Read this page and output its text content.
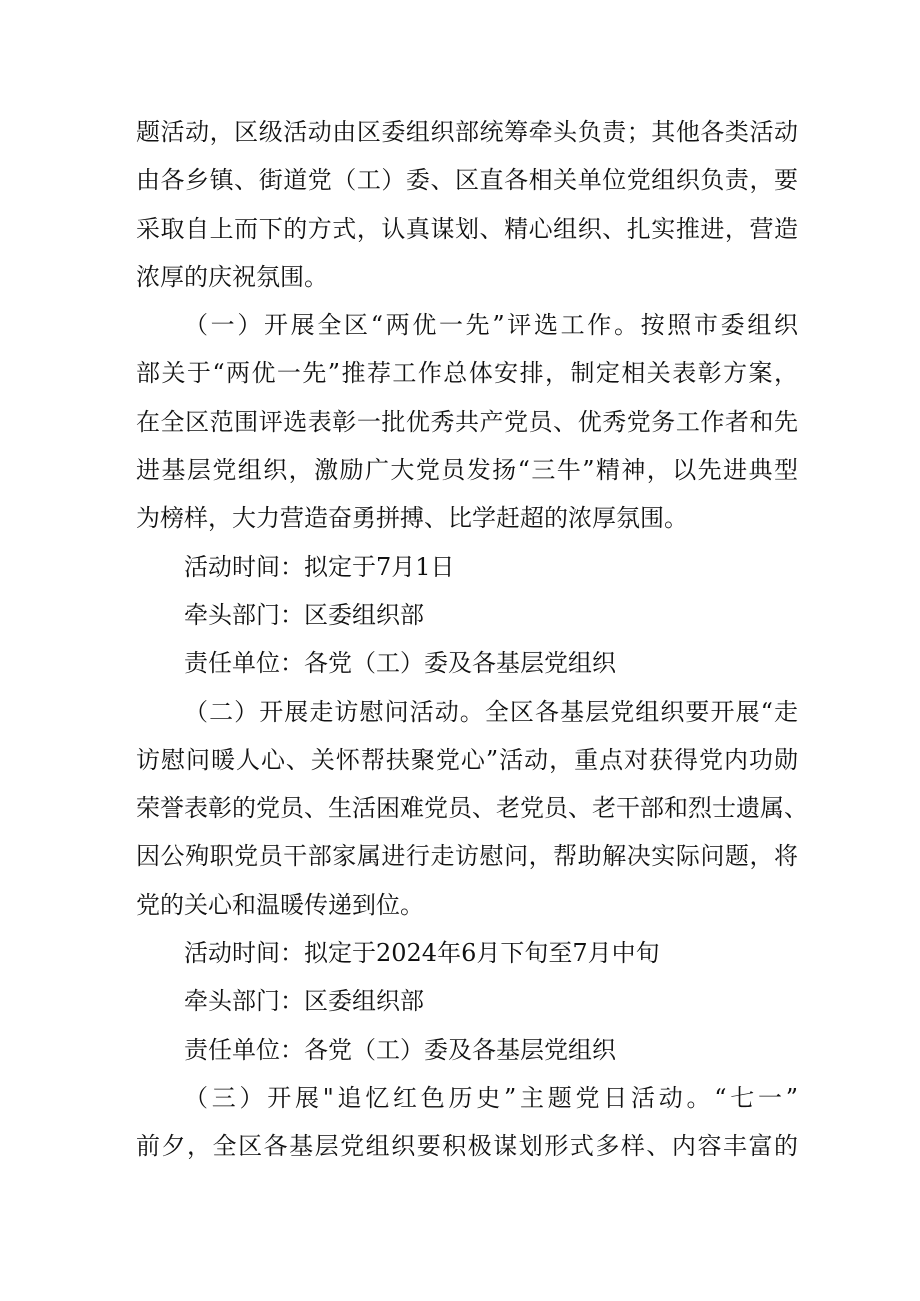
题活动，区级活动由区委组织部统筹牵头负责；其他各类活动
由各乡镇、街道党（工）委、区直各相关单位党组织负责，要
采取自上而下的方式，认真谋划、精心组织、扎实推进，营造
浓厚的庆祝氛围。
（一）开展全区“两优一先”评选工作。按照市委组织
部关于“两优一先”推荐工作总体安排，制定相关表彰方案，
在全区范围评选表彰一批优秀共产党员、优秀党务工作者和先
进基层党组织，激励广大党员发扬“三牛”精神，以先进典型
为榜样，大力营造奋勇拼搏、比学赶超的浓厚氛围。
活动时间：拟定于7月1日
牵头部门：区委组织部
责任单位：各党（工）委及各基层党组织
（二）开展走访慰问活动。全区各基层党组织要开展“走
访慰问暖人心、关怀帮扶聚党心”活动，重点对获得党内功勋
荣誉表彰的党员、生活困难党员、老党员、老干部和烈士遗属、
因公殉职党员干部家属进行走访慰问，帮助解决实际问题，将
党的关心和温暖传递到位。
活动时间：拟定于2024年6月下旬至7月中旬
牵头部门：区委组织部
责任单位：各党（工）委及各基层党组织
（三）开展"追忆红色历史”主题党日活动。“七一”
前夕，全区各基层党组织要积极谋划形式多样、内容丰富的
